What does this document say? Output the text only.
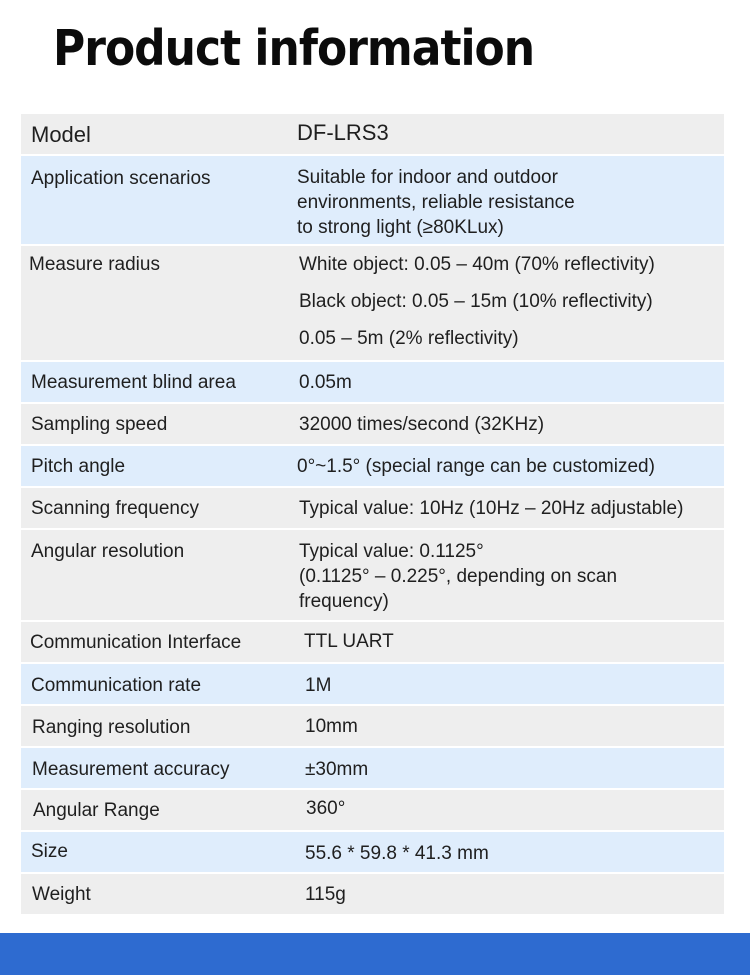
Product information
Model	DF-LRS3
Application scenarios	Suitable for indoor and outdoor
environments, reliable resistance
to strong light (≥80KLux)
Measure radius	White object: 0.05 – 40m (70% reflectivity)
Black object: 0.05 – 15m (10% reflectivity)
0.05 – 5m (2% reflectivity)
Measurement blind area	0.05m
Sampling speed	32000 times/second (32KHz)
Pitch angle	0°~1.5° (special range can be customized)
Scanning frequency	Typical value: 10Hz (10Hz – 20Hz adjustable)
Angular resolution	Typical value: 0.1125°
(0.1125° – 0.225°, depending on scan
frequency)
Communication Interface	TTL UART
Communication rate	1M
Ranging resolution	10mm
Measurement accuracy	±30mm
Angular Range	360°
Size	55.6 * 59.8 * 41.3 mm
Weight	115g
